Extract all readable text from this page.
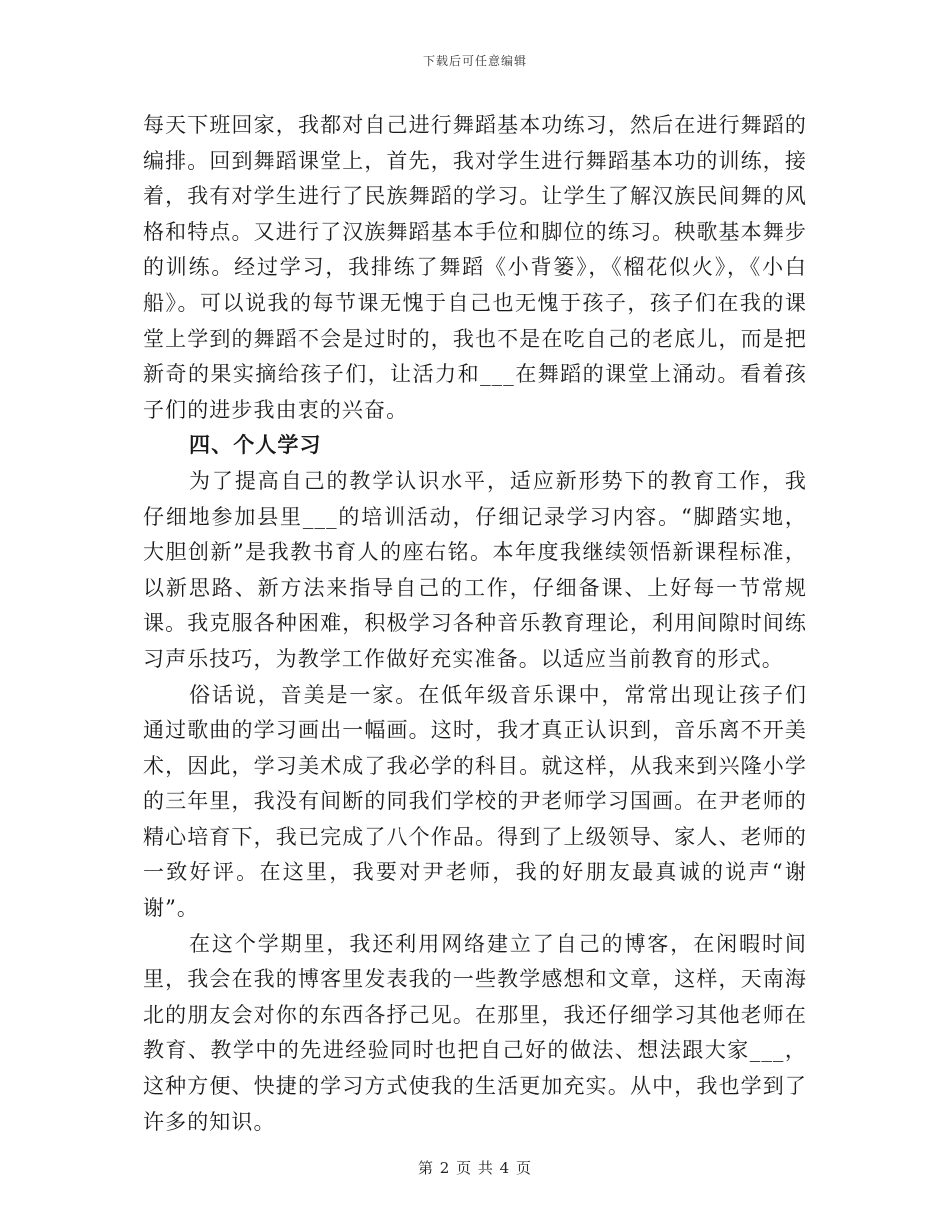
下载后可任意编辑

每天下班回家，我都对自己进行舞蹈基本功练习，然后在进行舞蹈的编排。回到舞蹈课堂上，首先，我对学生进行舞蹈基本功的训练，接着，我有对学生进行了民族舞蹈的学习。让学生了解汉族民间舞的风格和特点。又进行了汉族舞蹈基本手位和脚位的练习。秧歌基本舞步的训练。经过学习，我排练了舞蹈《小背篓》，《榴花似火》，《小白船》。可以说我的每节课无愧于自己也无愧于孩子，孩子们在我的课堂上学到的舞蹈不会是过时的，我也不是在吃自己的老底儿，而是把新奇的果实摘给孩子们，让活力和___在舞蹈的课堂上涌动。看着孩子们的进步我由衷的兴奋。

四、个人学习

为了提高自己的教学认识水平，适应新形势下的教育工作，我仔细地参加县里___的培训活动，仔细记录学习内容。“脚踏实地，大胆创新”是我教书育人的座右铭。本年度我继续领悟新课程标准，以新思路、新方法来指导自己的工作，仔细备课、上好每一节常规课。我克服各种困难，积极学习各种音乐教育理论，利用间隙时间练习声乐技巧，为教学工作做好充实准备。以适应当前教育的形式。

俗话说，音美是一家。在低年级音乐课中，常常出现让孩子们通过歌曲的学习画出一幅画。这时，我才真正认识到，音乐离不开美术，因此，学习美术成了我必学的科目。就这样，从我来到兴隆小学的三年里，我没有间断的同我们学校的尹老师学习国画。在尹老师的精心培育下，我已完成了八个作品。得到了上级领导、家人、老师的一致好评。在这里，我要对尹老师，我的好朋友最真诚的说声“谢谢”。

在这个学期里，我还利用网络建立了自己的博客，在闲暇时间里，我会在我的博客里发表我的一些教学感想和文章，这样，天南海北的朋友会对你的东西各抒己见。在那里，我还仔细学习其他老师在教育、教学中的先进经验同时也把自己好的做法、想法跟大家___，这种方便、快捷的学习方式使我的生活更加充实。从中，我也学到了许多的知识。

第 2 页 共 4 页
